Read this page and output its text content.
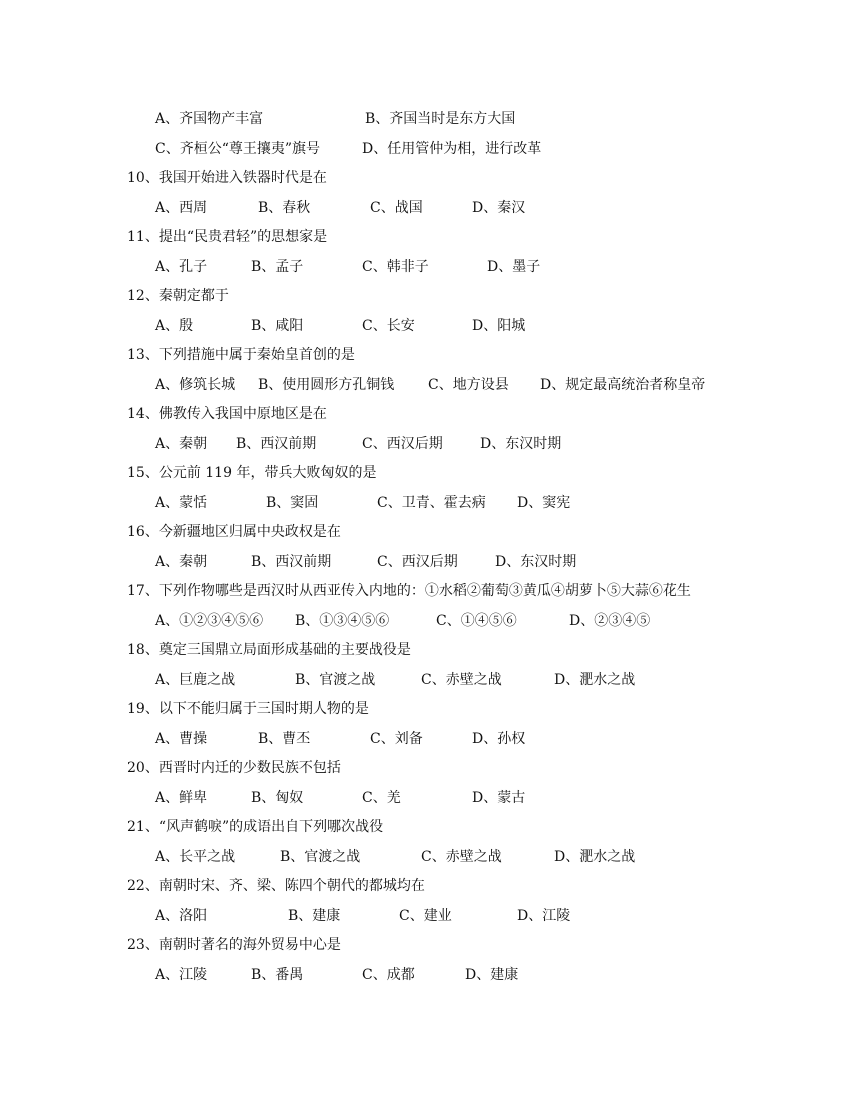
A、齐国物产丰富	B、齐国当时是东方大国
C、齐桓公“尊王攘夷”旗号	D、任用管仲为相，进行改革
10、我国开始进入铁器时代是在
A、西周	B、春秋	C、战国	D、秦汉
11、提出“民贵君轻”的思想家是
A、孔子	B、孟子	C、韩非子	D、墨子
12、秦朝定都于
A、殷	B、咸阳	C、长安	D、阳城
13、下列措施中属于秦始皇首创的是
A、修筑长城 B、使用圆形方孔铜钱 C、地方设县 D、规定最高统治者称皇帝
14、佛教传入我国中原地区是在
A、秦朝 B、西汉前期	C、西汉后期	D、东汉时期
15、公元前 119 年，带兵大败匈奴的是
A、蒙恬	B、窦固	C、卫青、霍去病 D、窦宪
16、今新疆地区归属中央政权是在
A、秦朝	B、西汉前期	C、西汉后期	D、东汉时期
17、下列作物哪些是西汉时从西亚传入内地的：①水稻②葡萄③黄瓜④胡萝卜⑤大蒜⑥花生
A、①②③④⑤⑥ B、①③④⑤⑥	C、①④⑤⑥	D、②③④⑤
18、奠定三国鼎立局面形成基础的主要战役是
A、巨鹿之战	B、官渡之战	C、赤壁之战	D、淝水之战
19、以下不能归属于三国时期人物的是
A、曹操	B、曹丕	C、刘备	D、孙权
20、西晋时内迁的少数民族不包括
A、鲜卑	B、匈奴	C、羌	D、蒙古
21、“风声鹤唳”的成语出自下列哪次战役
A、长平之战	B、官渡之战	C、赤壁之战	D、淝水之战
22、南朝时宋、齐、梁、陈四个朝代的都城均在
A、洛阳	B、建康	C、建业	D、江陵
23、南朝时著名的海外贸易中心是
A、江陵	B、番禺	C、成都	D、建康
